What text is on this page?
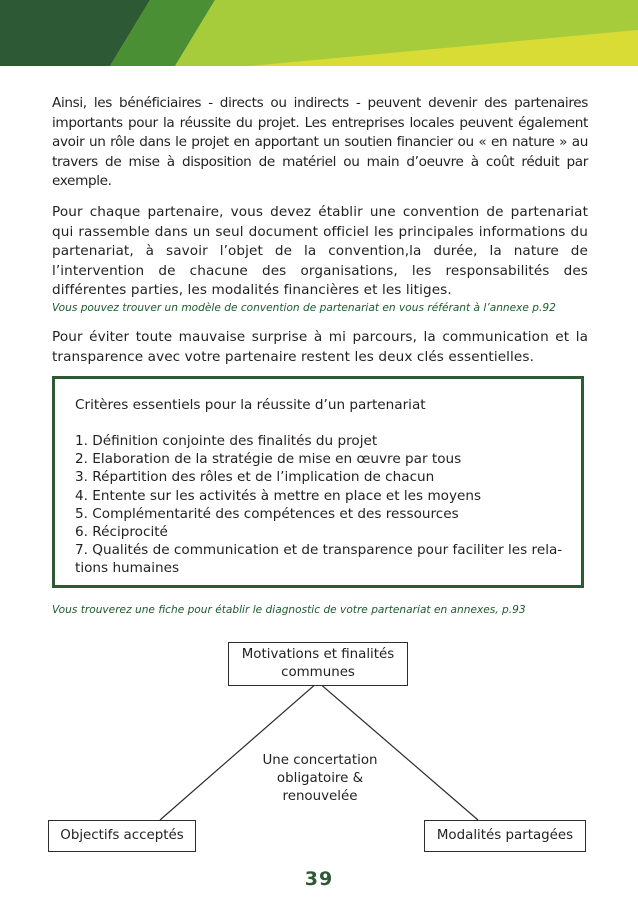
Ainsi, les bénéficiaires - directs ou indirects - peuvent devenir des partenaires importants pour la réussite du projet. Les entreprises locales peuvent également avoir un rôle dans le projet en apportant un soutien financier ou « en nature » au travers de mise à disposition de matériel ou main d’oeuvre à coût réduit par exemple.

Pour chaque partenaire, vous devez établir une convention de partenariat qui rassemble dans un seul document officiel les principales informations du partenariat, à savoir l’objet de la convention,la durée, la nature de l’intervention de chacune des organisations, les responsabilités des différentes parties, les modalités financières et les litiges.

Vous pouvez trouver un modèle de convention de partenariat en vous référant à l’annexe p.92

Pour éviter toute mauvaise surprise à mi parcours, la communication et la transparence avec votre partenaire restent les deux clés essentielles.

Critères essentiels pour la réussite d’un partenariat
1. Définition conjointe des finalités du projet
2. Elaboration de la stratégie de mise en œuvre par tous
3. Répartition des rôles et de l’implication de chacun
4. Entente sur les activités à mettre en place et les moyens
5. Complémentarité des compétences et des ressources
6. Réciprocité
7. Qualités de communication et de transparence pour faciliter les rela-tions humaines
Vous trouverez une fiche pour établir le diagnostic de votre partenariat en annexes, p.93
Motivations et finalités communes
Une concertation obligatoire & renouvelée
Objectifs acceptés	Modalités partagées
39
